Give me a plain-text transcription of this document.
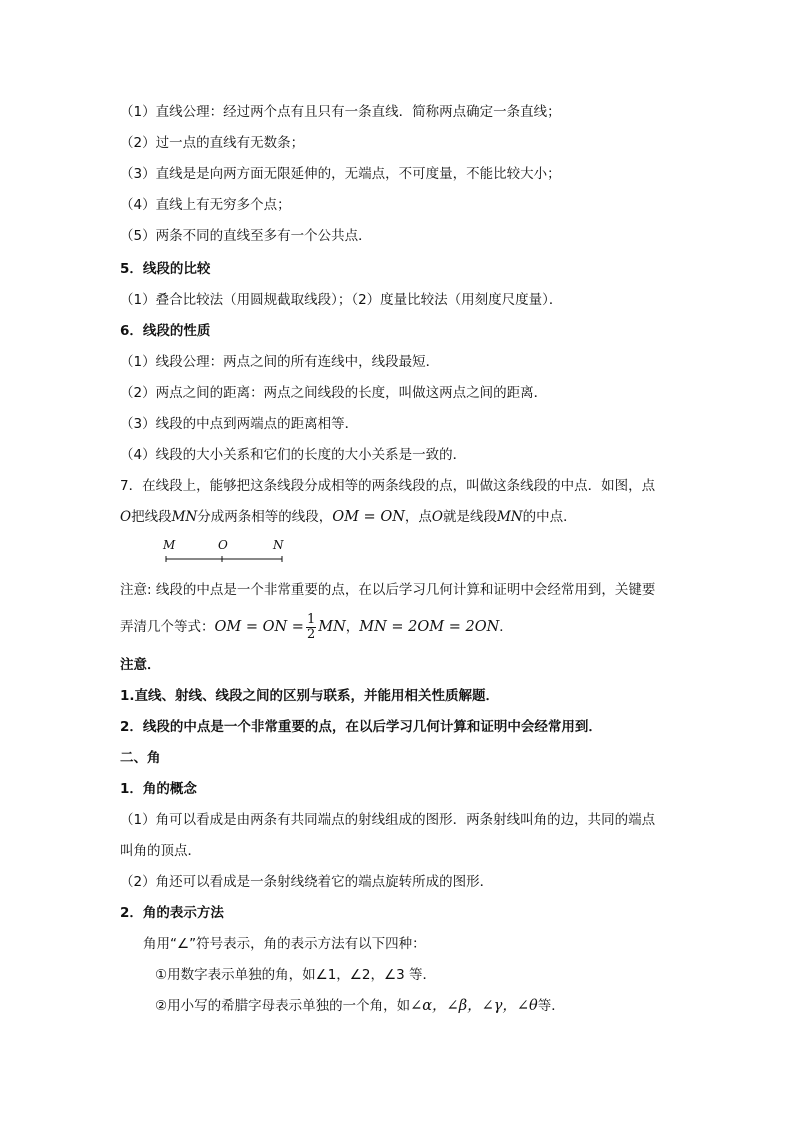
（1）直线公理：经过两个点有且只有一条直线．简称两点确定一条直线；
（2）过一点的直线有无数条；
（3）直线是是向两方面无限延伸的，无端点，不可度量，不能比较大小；
（4）直线上有无穷多个点；
（5）两条不同的直线至多有一个公共点．
5．线段的比较
（1）叠合比较法（用圆规截取线段）；（2）度量比较法（用刻度尺度量）．
6．线段的性质
（1）线段公理：两点之间的所有连线中，线段最短．
（2）两点之间的距离：两点之间线段的长度，叫做这两点之间的距离．
（3）线段的中点到两端点的距离相等．
（4）线段的大小关系和它们的长度的大小关系是一致的．
7．在线段上，能够把这条线段分成相等的两条线段的点，叫做这条线段的中点．如图，点
O把线段MN分成两条相等的线段，OM = ON，点O就是线段MN的中点．
M	O	N
注意: 线段的中点是一个非常重要的点，在以后学习几何计算和证明中会经常用到，关键要
弄清几个等式：OM = ON = $\frac{1}{2}$ MN，MN = 2OM = 2ON．
注意．
1.直线、射线、线段之间的区别与联系，并能用相关性质解题．
2．线段的中点是一个非常重要的点，在以后学习几何计算和证明中会经常用到．
二、角
1．角的概念
（1）角可以看成是由两条有共同端点的射线组成的图形．两条射线叫角的边，共同的端点
叫角的顶点．
（2）角还可以看成是一条射线绕着它的端点旋转所成的图形．
2．角的表示方法
角用“∠”符号表示，角的表示方法有以下四种：
①用数字表示单独的角，如∠1，∠2，∠3 等．
②用小写的希腊字母表示单独的一个角，如∠α，∠β，∠γ，∠θ等．
